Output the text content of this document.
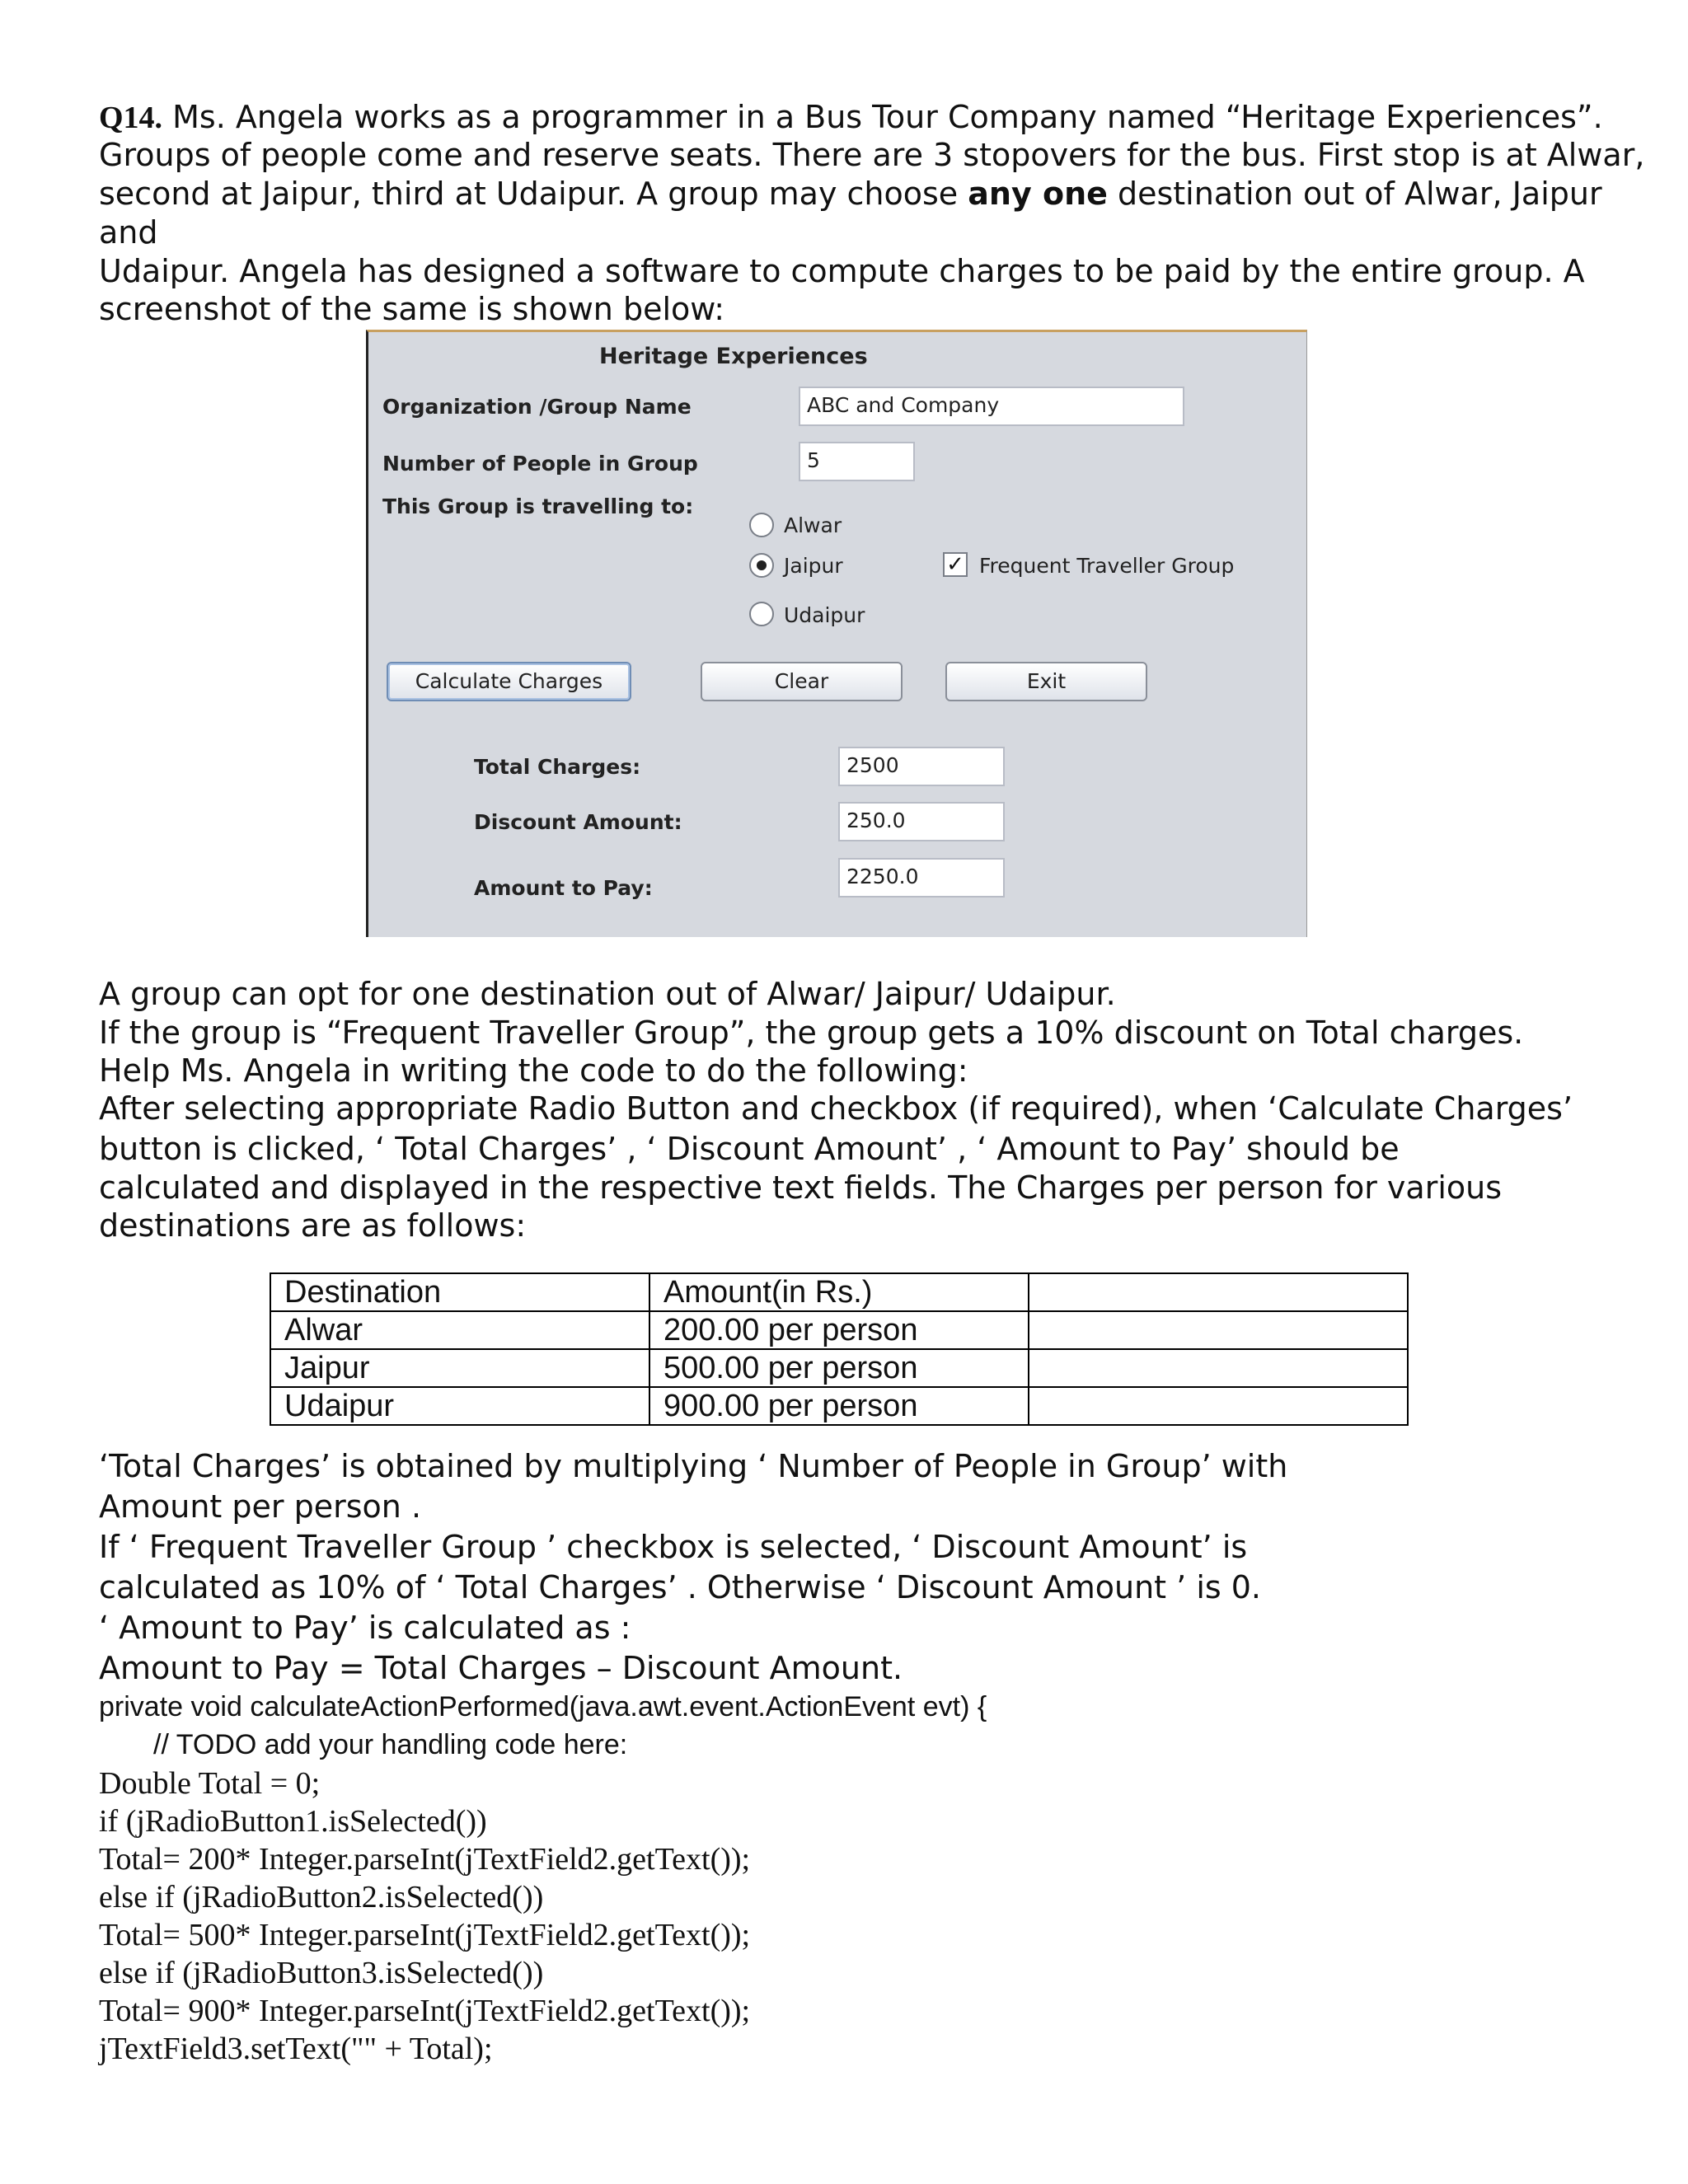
Q14. Ms. Angela works as a programmer in a Bus Tour Company named “Heritage Experiences”.
Groups of people come and reserve seats. There are 3 stopovers for the bus. First stop is at Alwar,
second at Jaipur, third at Udaipur. A group may choose any one destination out of Alwar, Jaipur
and
Udaipur. Angela has designed a software to compute charges to be paid by the entire group. A
screenshot of the same is shown below:
Heritage Experiences
Organization /Group Name	ABC and Company
Number of People in Group	5
This Group is travelling to:
Alwar
Jaipur
Udaipur
✓ Frequent Traveller Group
Calculate Charges	Clear	Exit
Total Charges:	2500
Discount Amount:	250.0
Amount to Pay:	2250.0
A group can opt for one destination out of Alwar/ Jaipur/ Udaipur.
If the group is “Frequent Traveller Group”, the group gets a 10% discount on Total charges.
Help Ms. Angela in writing the code to do the following:
After selecting appropriate Radio Button and checkbox (if required), when ‘Calculate Charges’
button is clicked, ‘ Total Charges’ , ‘ Discount Amount’ , ‘ Amount to Pay’ should be
calculated and displayed in the respective text fields. The Charges per person for various
destinations are as follows:
Destination	Amount(in Rs.)	
Alwar	200.00 per person	
Jaipur	500.00 per person	
Udaipur	900.00 per person	
‘Total Charges’ is obtained by multiplying ‘ Number of People in Group’ with
Amount per person .
If ‘ Frequent Traveller Group ’ checkbox is selected, ‘ Discount Amount’ is
calculated as 10% of ‘ Total Charges’ . Otherwise ‘ Discount Amount ’ is 0.
‘ Amount to Pay’ is calculated as :
Amount to Pay = Total Charges – Discount Amount.
private void calculateActionPerformed(java.awt.event.ActionEvent evt) {
// TODO add your handling code here:
Double Total = 0;
if (jRadioButton1.isSelected())
Total= 200* Integer.parseInt(jTextField2.getText());
else if (jRadioButton2.isSelected())
Total= 500* Integer.parseInt(jTextField2.getText());
else if (jRadioButton3.isSelected())
Total= 900* Integer.parseInt(jTextField2.getText());
jTextField3.setText("" + Total);
